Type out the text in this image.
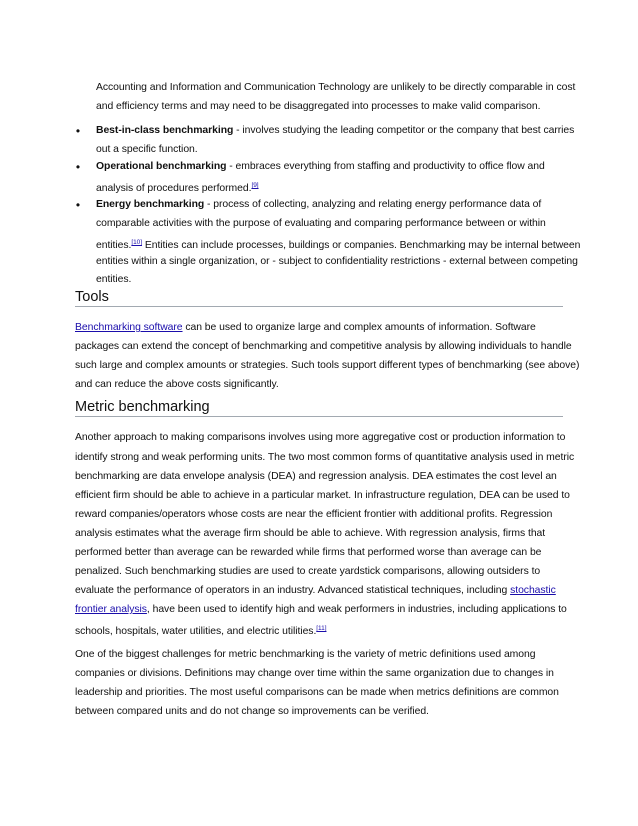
Accounting and Information and Communication Technology are unlikely to be directly comparable in cost
and efficiency terms and may need to be disaggregated into processes to make valid comparison.
• Best-in-class benchmarking - involves studying the leading competitor or the company that best carries
out a specific function.
• Operational benchmarking - embraces everything from staffing and productivity to office flow and
analysis of procedures performed.[9]
• Energy benchmarking - process of collecting, analyzing and relating energy performance data of
comparable activities with the purpose of evaluating and comparing performance between or within
entities.[10] Entities can include processes, buildings or companies. Benchmarking may be internal between
entities within a single organization, or - subject to confidentiality restrictions - external between competing
entities.
Tools
Benchmarking software can be used to organize large and complex amounts of information. Software
packages can extend the concept of benchmarking and competitive analysis by allowing individuals to handle
such large and complex amounts or strategies. Such tools support different types of benchmarking (see above)
and can reduce the above costs significantly.
Metric benchmarking
Another approach to making comparisons involves using more aggregative cost or production information to
identify strong and weak performing units. The two most common forms of quantitative analysis used in metric
benchmarking are data envelope analysis (DEA) and regression analysis. DEA estimates the cost level an
efficient firm should be able to achieve in a particular market. In infrastructure regulation, DEA can be used to
reward companies/operators whose costs are near the efficient frontier with additional profits. Regression
analysis estimates what the average firm should be able to achieve. With regression analysis, firms that
performed better than average can be rewarded while firms that performed worse than average can be
penalized. Such benchmarking studies are used to create yardstick comparisons, allowing outsiders to
evaluate the performance of operators in an industry. Advanced statistical techniques, including stochastic
frontier analysis, have been used to identify high and weak performers in industries, including applications to
schools, hospitals, water utilities, and electric utilities.[11]
One of the biggest challenges for metric benchmarking is the variety of metric definitions used among
companies or divisions. Definitions may change over time within the same organization due to changes in
leadership and priorities. The most useful comparisons can be made when metrics definitions are common
between compared units and do not change so improvements can be verified.
